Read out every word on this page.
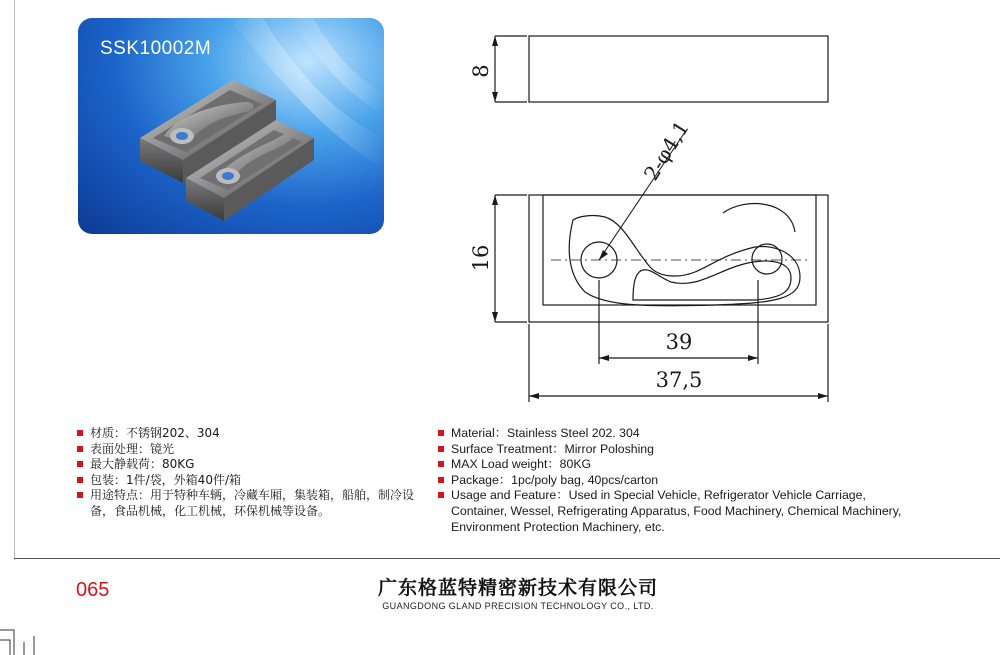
SSK10002M
8
16
2-φ4,1
39
37,5
材质：不锈钢202、304
表面处理：镜光
最大静载荷：80KG
包装：1件/袋，外箱40件/箱
用途特点：用于特种车辆，冷藏车厢，集装箱，船舶，制冷设备，食品机械，化工机械，环保机械等设备。
Material：Stainless Steel 202. 304
Surface Treatment：Mirror Poloshing
MAX Load weight：80KG
Package：1pc/poly bag, 40pcs/carton
Usage and Feature：Used in Special Vehicle, Refrigerator Vehicle Carriage, Container, Wessel, Refrigerating Apparatus, Food Machinery, Chemical Machinery, Environment Protection Machinery, etc.
065	广东格蓝特精密新技术有限公司
GUANGDONG GLAND PRECISION TECHNOLOGY CO., LTD.
